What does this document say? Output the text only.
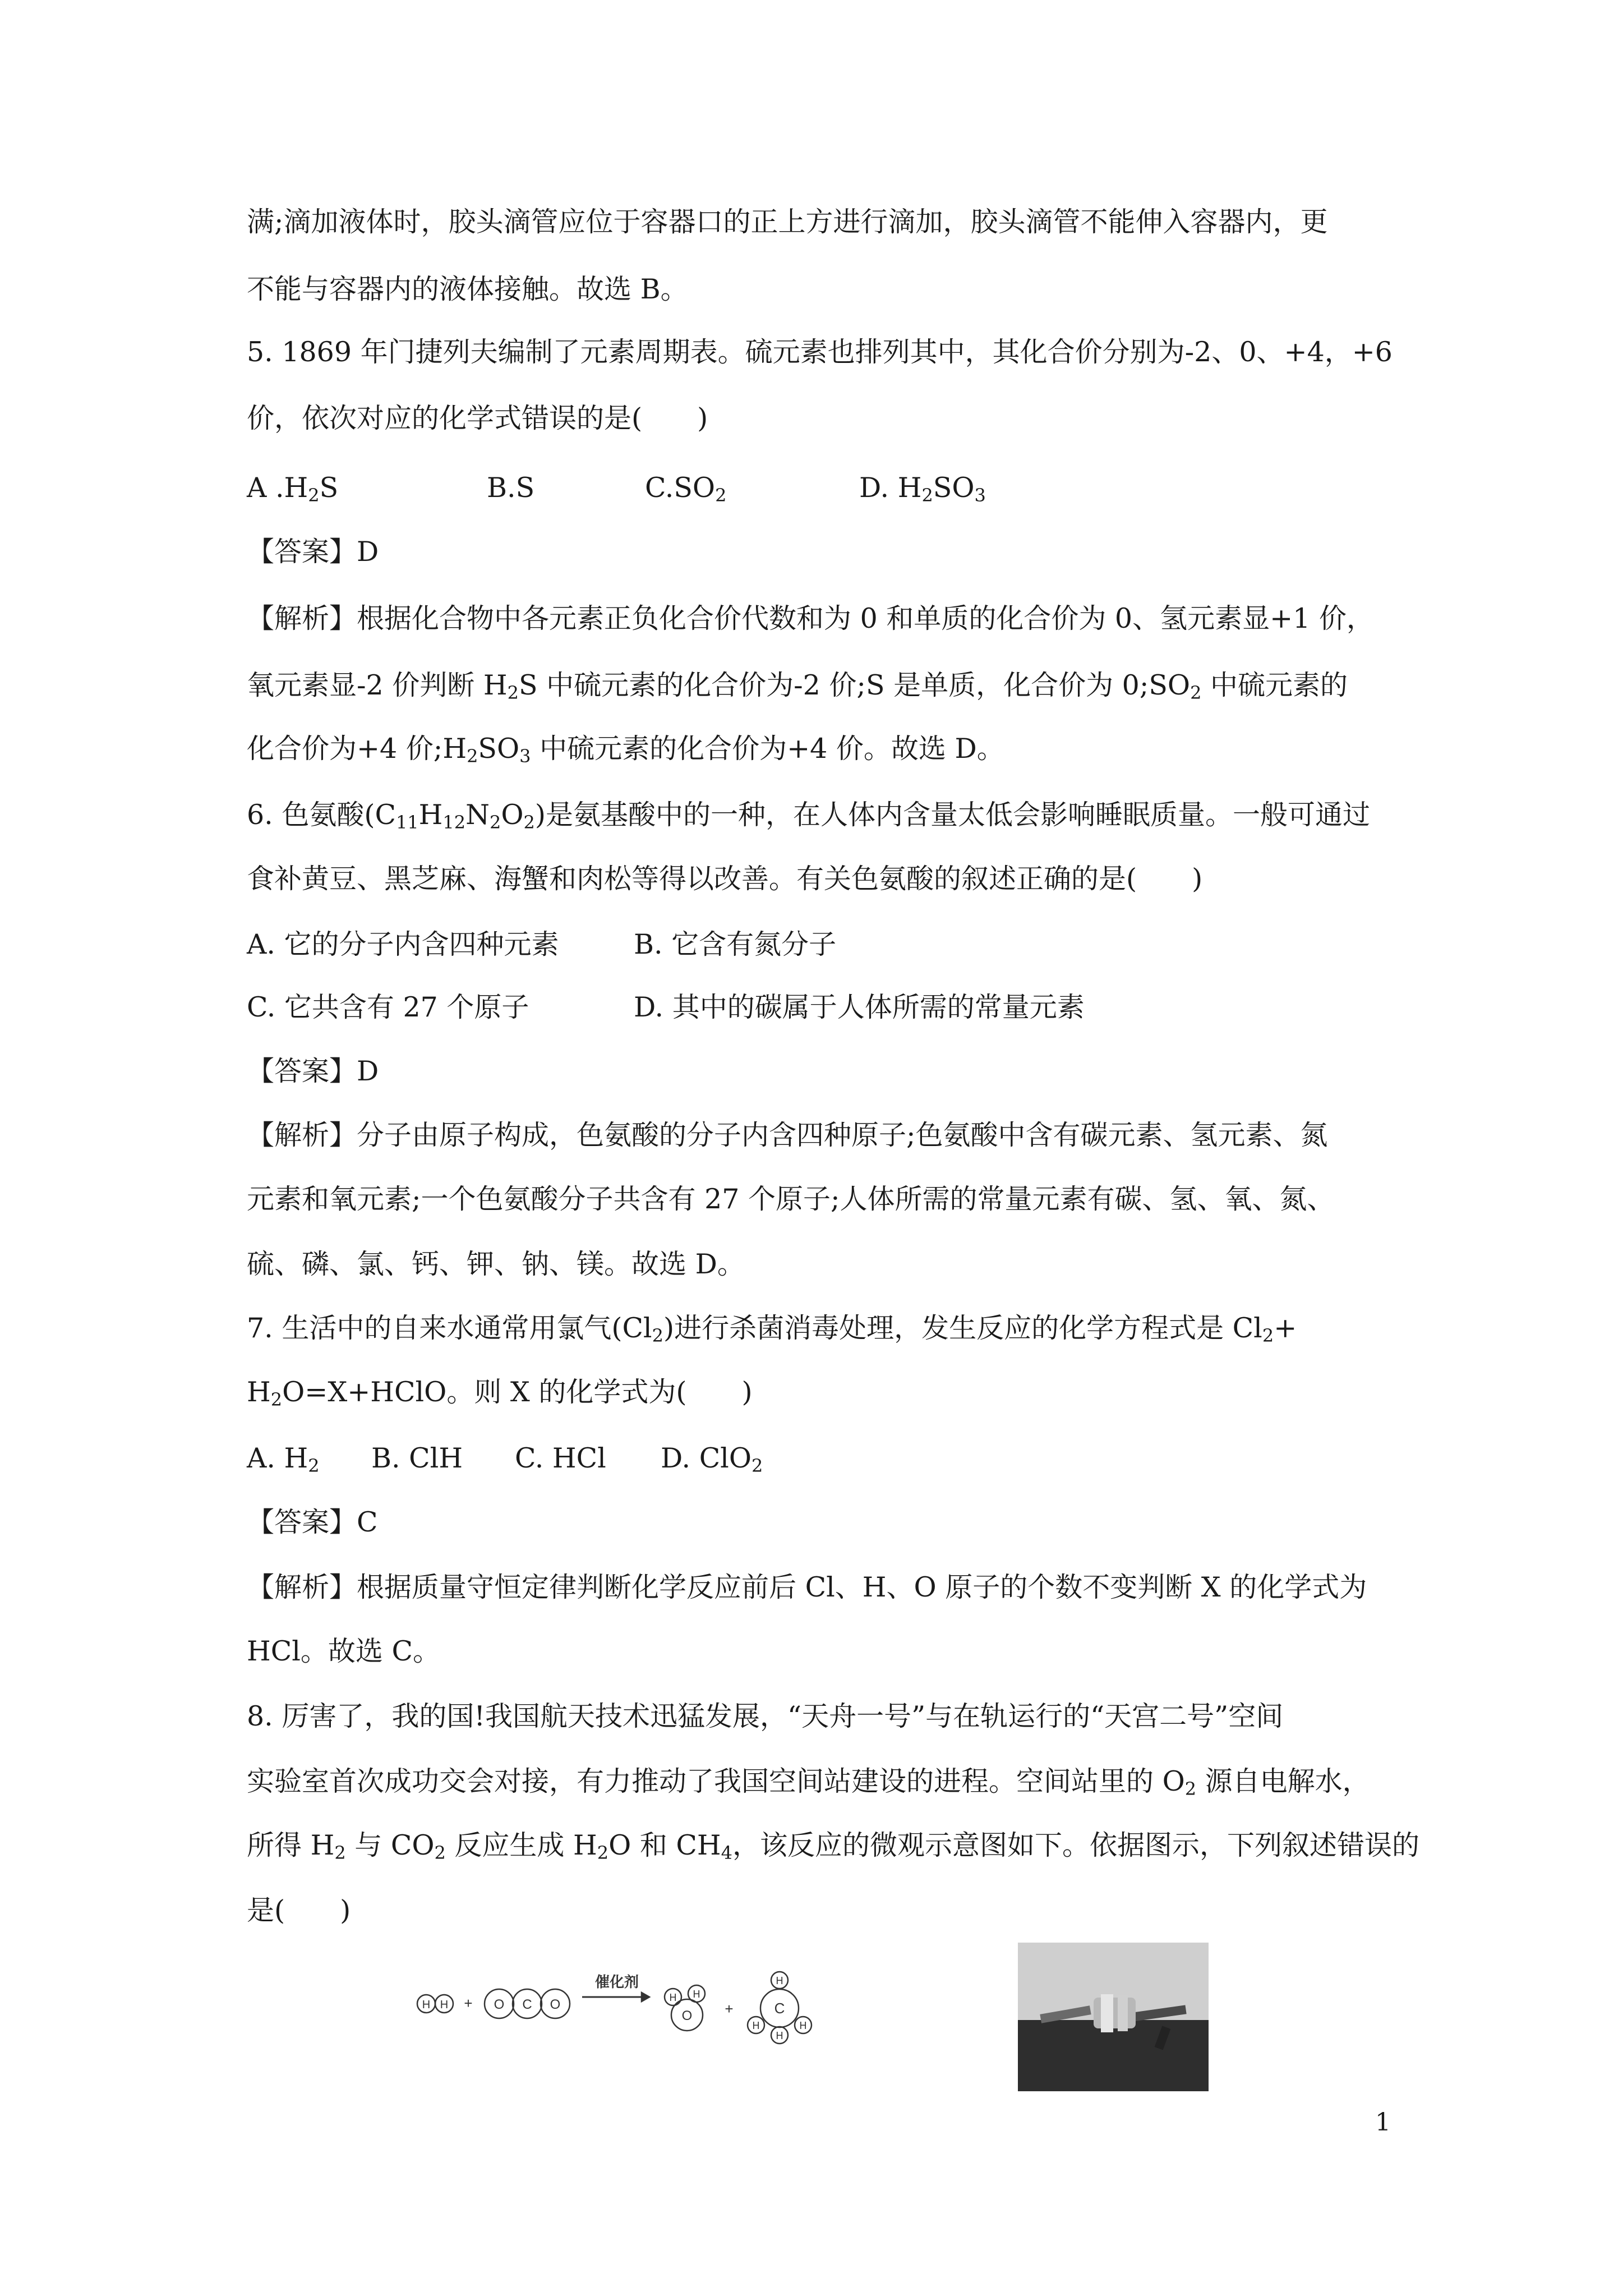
满;滴加液体时，胶头滴管应位于容器口的正上方进行滴加，胶头滴管不能伸入容器内，更
不能与容器内的液体接触。故选 B。
5. 1869 年门捷列夫编制了元素周期表。硫元素也排列其中，其化合价分别为-2、0、+4，+6
价，依次对应的化学式错误的是(　　)
A $.H_2S$	B.S	$C.SO_2$	D. $H_2SO_3$
【答案】D
【解析】根据化合物中各元素正负化合价代数和为 0 和单质的化合价为 0、氢元素显+1 价，
氧元素显-2 价判断 $H_2S$ 中硫元素的化合价为-2 价;S 是单质，化合价为 $0;SO_2$ 中硫元素的
化合价为+4 价$;H_2SO_3$ 中硫元素的化合价为+4 价。故选 D。
6. 色氨酸$(C_{11}H_{12}N_2O_2)$是氨基酸中的一种，在人体内含量太低会影响睡眠质量。一般可通过
食补黄豆、黑芝麻、海蟹和肉松等得以改善。有关色氨酸的叙述正确的是(　　)
A. 它的分子内含四种元素	B. 它含有氮分子
C. 它共含有 27 个原子	D. 其中的碳属于人体所需的常量元素
【答案】D
【解析】分子由原子构成，色氨酸的分子内含四种原子;色氨酸中含有碳元素、氢元素、氮
元素和氧元素;一个色氨酸分子共含有 27 个原子;人体所需的常量元素有碳、氢、氧、氮、
硫、磷、氯、钙、钾、钠、镁。故选 D。
7. 生活中的自来水通常用氯气$(Cl_2)$进行杀菌消毒处理，发生反应的化学方程式是 $Cl_2+$
$H_2O=X+HClO$。则 X 的化学式为(　　)
A. $H_2$ B. ClH C. HCl D. ClO$_2$
【答案】C
【解析】根据质量守恒定律判断化学反应前后 Cl、H、O 原子的个数不变判断 X 的化学式为
HCl。故选 C。
8. 厉害了，我的国!我国航天技术迅猛发展，“天舟一号”与在轨运行的“天宫二号”空间
实验室首次成功交会对接，有力推动了我国空间站建设的进程。空间站里的 $O_2$ 源自电解水，
所得 $H_2$ 与 $CO_2$ 反应生成 $H_2O$ 和 $CH_4$，该反应的微观示意图如下。依据图示，下列叙述错误的
是(　　)
H H + O C O
催化剂
O
H H
+	C
H
H
H
H
1
